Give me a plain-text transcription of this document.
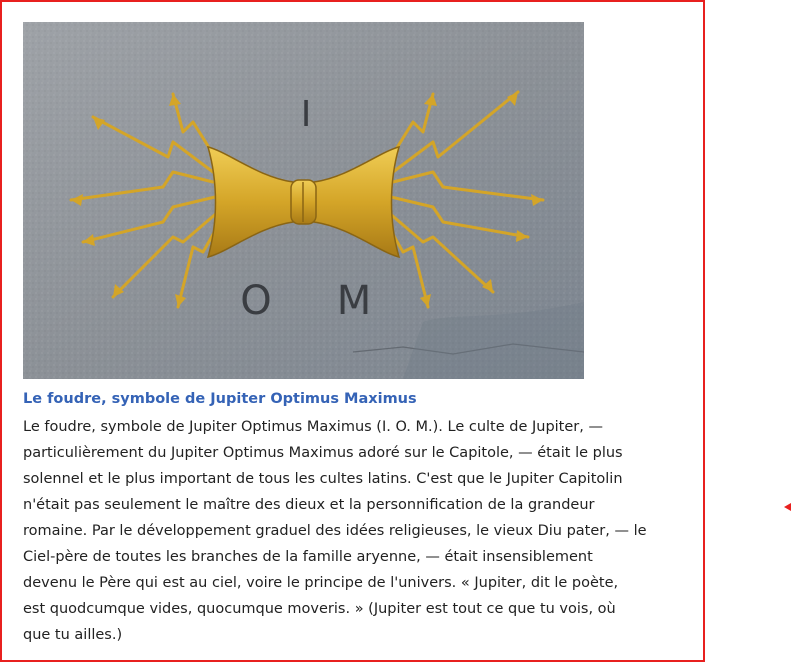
I
O M
Le foudre, symbole de Jupiter Optimus Maximus
Le foudre, symbole de Jupiter Optimus Maximus (I. O. M.). Le culte de Jupiter, —
particulièrement du Jupiter Optimus Maximus adoré sur le Capitole, — était le plus
solennel et le plus important de tous les cultes latins. C'est que le Jupiter Capitolin
n'était pas seulement le maître des dieux et la personnification de la grandeur
romaine. Par le développement graduel des idées religieuses, le vieux Diu pater, — le
Ciel-père de toutes les branches de la famille aryenne, — était insensiblement
devenu le Père qui est au ciel, voire le principe de l'univers. « Jupiter, dit le poète,
est quodcumque vides, quocumque moveris. » (Jupiter est tout ce que tu vois, où
que tu ailles.)
